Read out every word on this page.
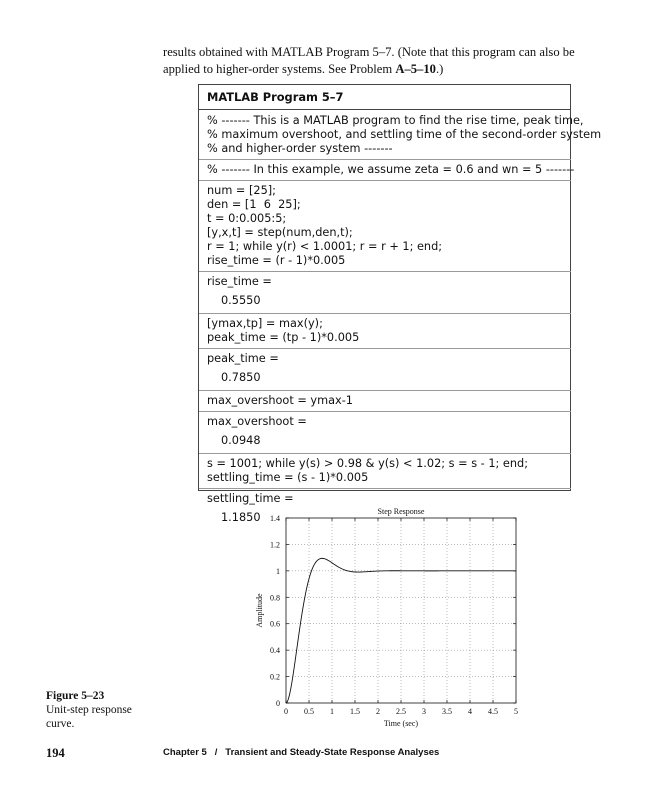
results obtained with MATLAB Program 5–7. (Note that this program can also be
applied to higher-order systems. See Problem A–5–10.)
MATLAB Program 5–7
% ------- This is a MATLAB program to find the rise time, peak time,
% maximum overshoot, and settling time of the second-order system
% and higher-order system -------
% ------- In this example, we assume zeta = 0.6 and wn = 5 -------
num = [25];
den = [1  6  25];
t = 0:0.005:5;
[y,x,t] = step(num,den,t);
r = 1; while y(r) < 1.0001; r = r + 1; end;
rise_time = (r - 1)*0.005
rise_time =
0.5550
[ymax,tp] = max(y);
peak_time = (tp - 1)*0.005
peak_time =
0.7850
max_overshoot = ymax-1
max_overshoot =
0.0948
s = 1001; while y(s) > 0.98 & y(s) < 1.02; s = s - 1; end;
settling_time = (s - 1)*0.005
settling_time =
1.1850
0 0.5 1 1.5 2 2.5 3 3.5 4 4.5 5
0
0.2
0.4
0.6
0.8
1
1.2
1.4
Step Response
Time (sec)
Amplitude
Figure 5–23
Unit-step response
curve.
194	Chapter 5   /   Transient and Steady-State Response Analyses
